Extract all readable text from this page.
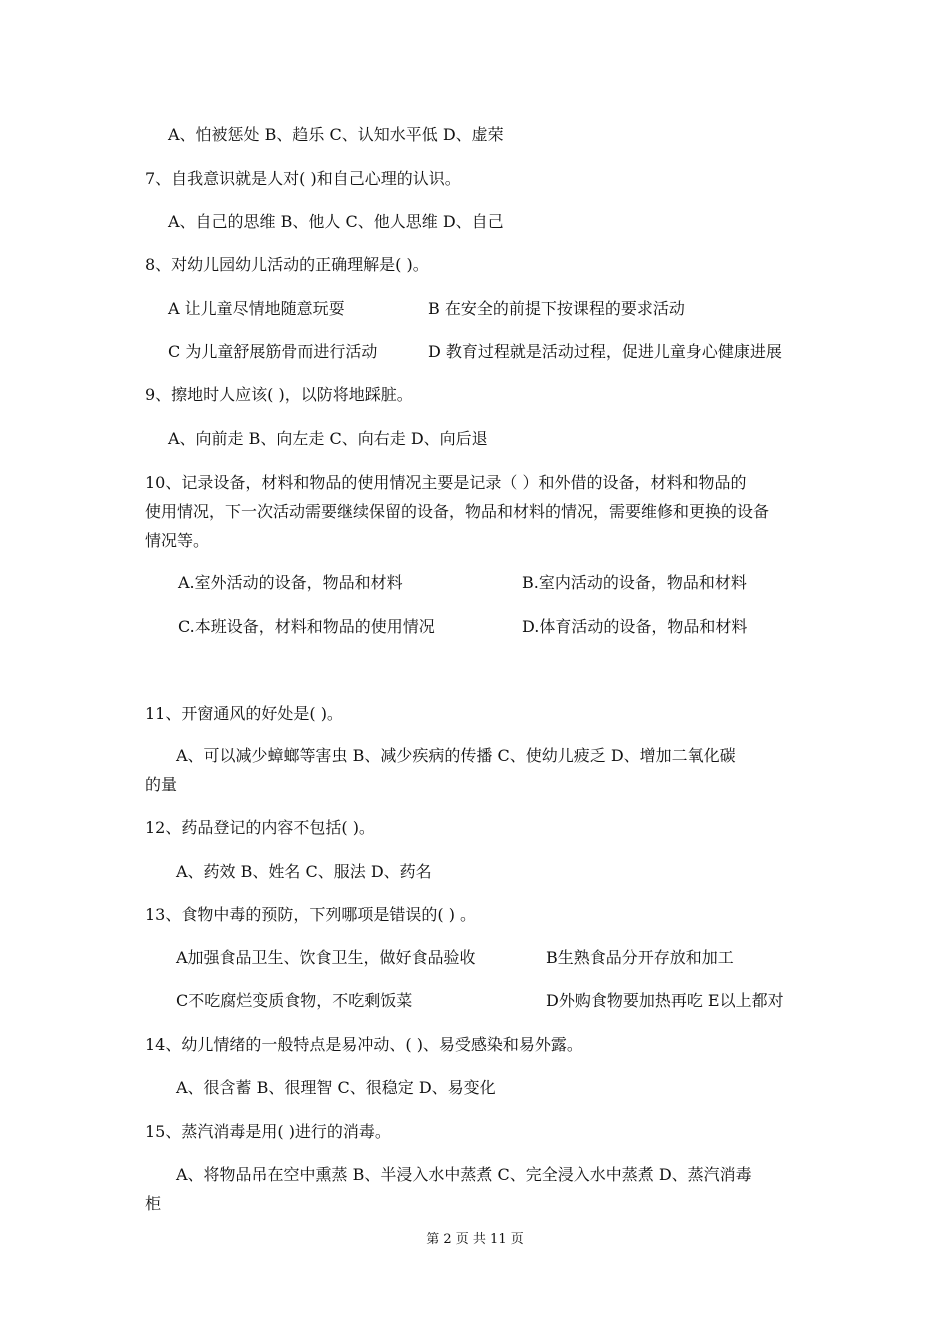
A、怕被惩处 B、趋乐 C、认知水平低 D、虚荣
7、自我意识就是人对( )和自己心理的认识。
A、自己的思维 B、他人 C、他人思维 D、自己
8、对幼儿园幼儿活动的正确理解是( )。
A 让儿童尽情地随意玩耍	B 在安全的前提下按课程的要求活动
C 为儿童舒展筋骨而进行活动	D 教育过程就是活动过程，促进儿童身心健康进展
9、擦地时人应该( )，以防将地踩脏。
A、向前走 B、向左走 C、向右走 D、向后退
10、记录设备，材料和物品的使用情况主要是记录（ ）和外借的设备，材料和物品的
使用情况，下一次活动需要继续保留的设备，物品和材料的情况，需要维修和更换的设备
情况等。
A.室外活动的设备，物品和材料	B.室内活动的设备，物品和材料
C.本班设备，材料和物品的使用情况	D.体育活动的设备，物品和材料
11、开窗通风的好处是( )。
A、可以减少蟑螂等害虫 B、减少疾病的传播 C、使幼儿疲乏 D、增加二氧化碳
的量
12、药品登记的内容不包括( )。
A、药效 B、姓名 C、服法 D、药名
13、食物中毒的预防，下列哪项是错误的( ) 。
A加强食品卫生、饮食卫生，做好食品验收	B生熟食品分开存放和加工
C不吃腐烂变质食物，不吃剩饭菜	D外购食物要加热再吃 E以上都对
14、幼儿情绪的一般特点是易冲动、( )、易受感染和易外露。
A、很含蓄 B、很理智 C、很稳定 D、易变化
15、蒸汽消毒是用( )进行的消毒。
A、将物品吊在空中熏蒸 B、半浸入水中蒸煮 C、完全浸入水中蒸煮 D、蒸汽消毒
柜
第 2 页 共 11 页
